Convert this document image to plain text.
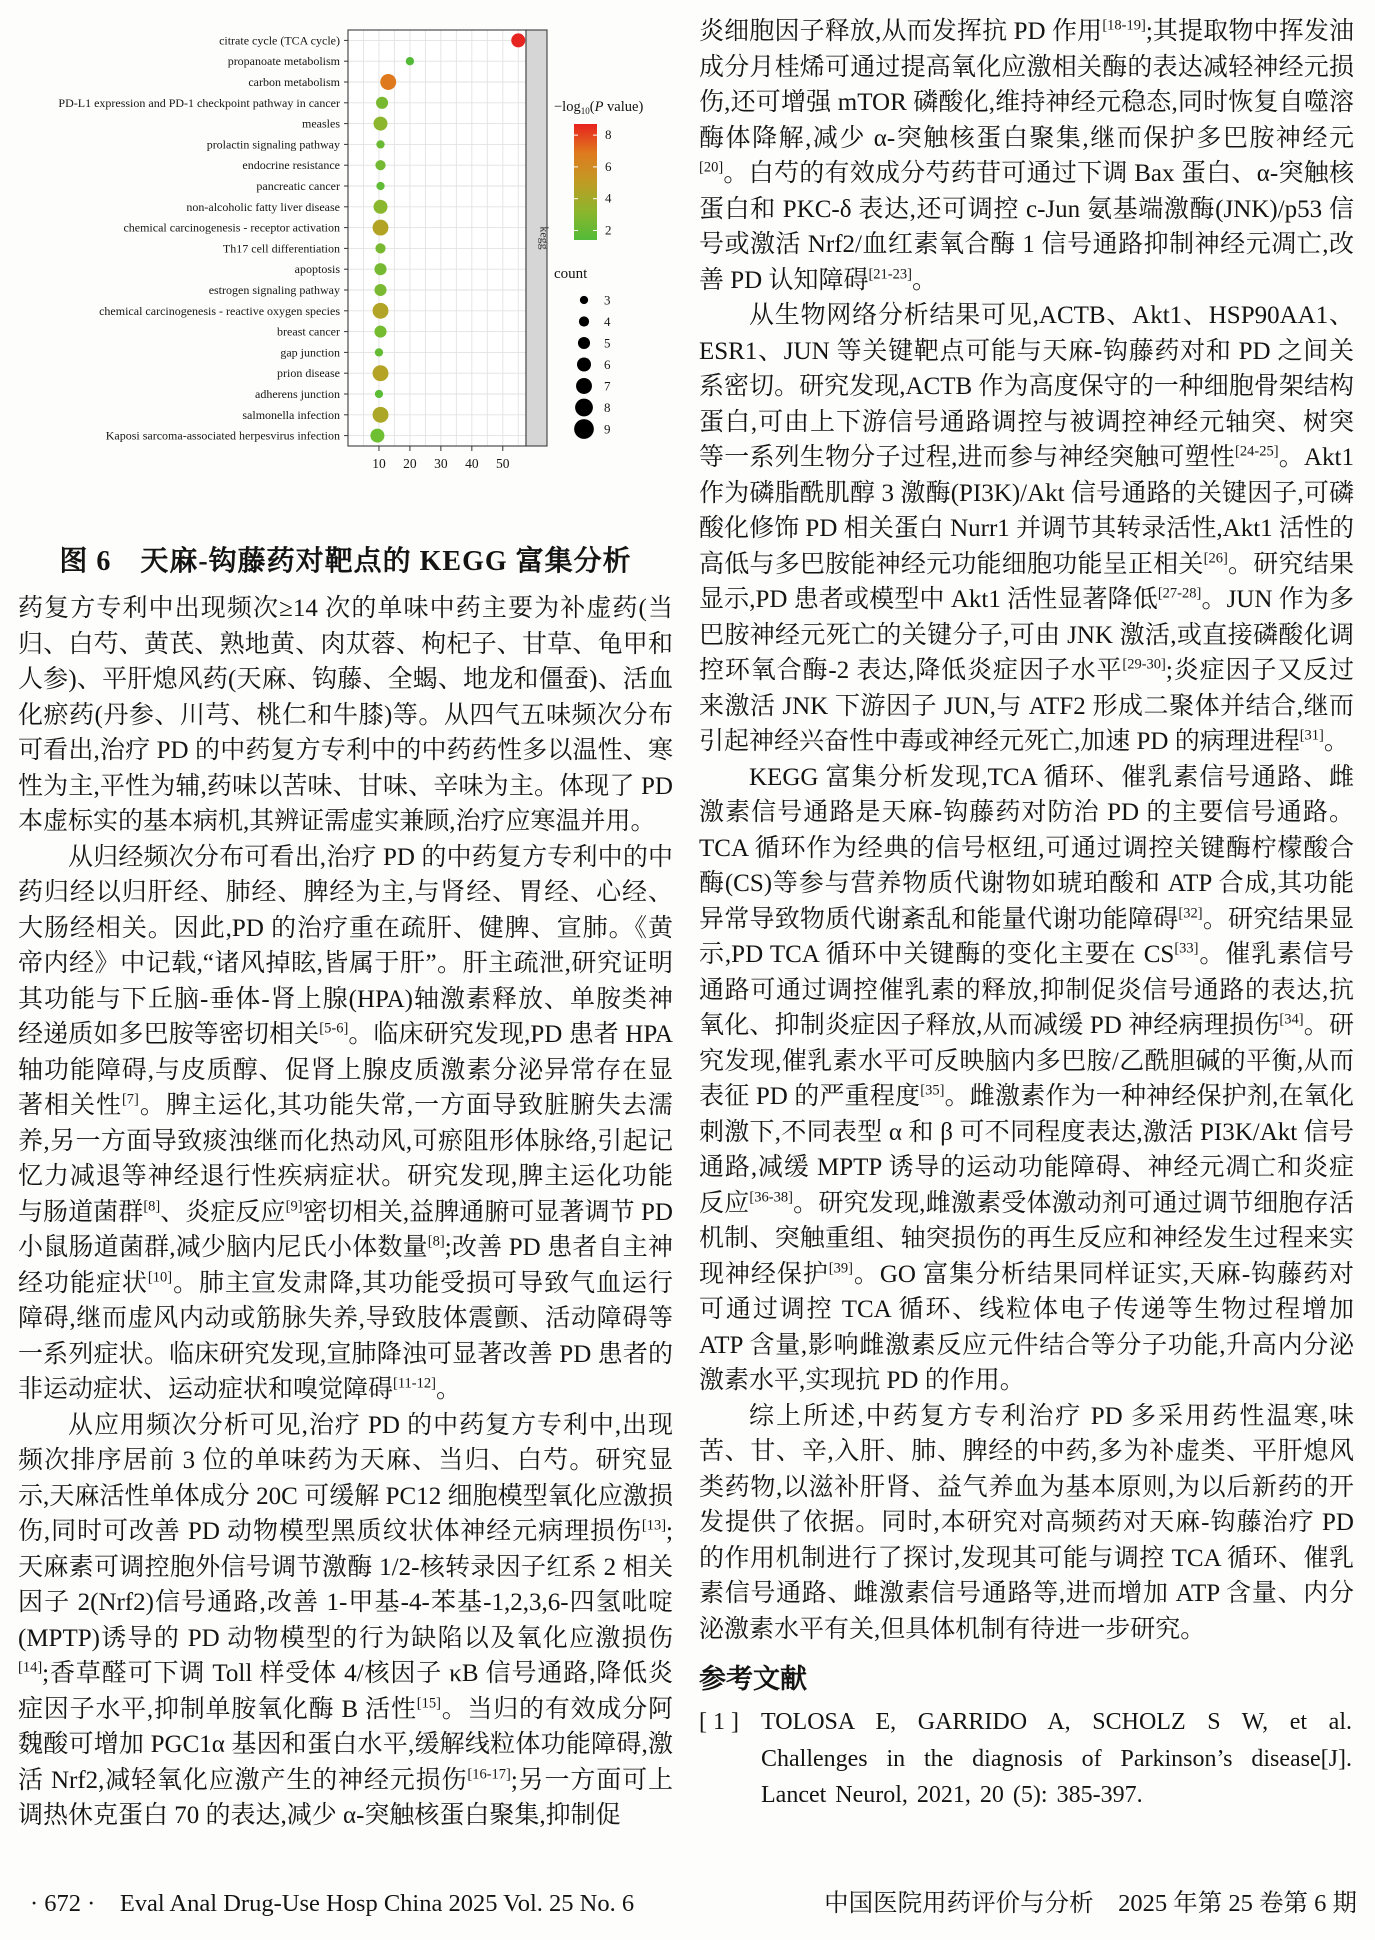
citrate cycle (TCA cycle)
propanoate metabolism
carbon metabolism
PD-L1 expression and PD-1 checkpoint pathway in cancer
measles
prolactin signaling pathway
endocrine resistance
pancreatic cancer
non-alcoholic fatty liver disease
chemical carcinogenesis - receptor activation
Th17 cell differentiation
apoptosis
estrogen signaling pathway
chemical carcinogenesis - reactive oxygen species
breast cancer
gap junction
prion disease
adherens junction
salmonella infection
Kaposi sarcoma-associated herpesvirus infection
10 20 30 40 50
kegg
$-\log_{10}(P$ value)
8
6
4
2
count
3
4
5
6
7
8
9
图 6　天麻-钩藤药对靶点的 KEGG 富集分析

药复方专利中出现频次≥14 次的单味中药主要为补虚药(当归、白芍、黄芪、熟地黄、肉苁蓉、枸杞子、甘草、龟甲和人参)、平肝熄风药(天麻、钩藤、全蝎、地龙和僵蚕)、活血化瘀药(丹参、川芎、桃仁和牛膝)等。从四气五味频次分布可看出,治疗 PD 的中药复方专利中的中药药性多以温性、寒性为主,平性为辅,药味以苦味、甘味、辛味为主。体现了 PD 本虚标实的基本病机,其辨证需虚实兼顾,治疗应寒温并用。

从归经频次分布可看出,治疗 PD 的中药复方专利中的中药归经以归肝经、肺经、脾经为主,与肾经、胃经、心经、大肠经相关。因此,PD 的治疗重在疏肝、健脾、宣肺。《黄帝内经》中记载,“诸风掉眩,皆属于肝”。肝主疏泄,研究证明其功能与下丘脑-垂体-肾上腺(HPA)轴激素释放、单胺类神经递质如多巴胺等密切相关[5-6]。临床研究发现,PD 患者 HPA 轴功能障碍,与皮质醇、促肾上腺皮质激素分泌异常存在显著相关性[7]。脾主运化,其功能失常,一方面导致脏腑失去濡养,另一方面导致痰浊继而化热动风,可瘀阻形体脉络,引起记忆力减退等神经退行性疾病症状。研究发现,脾主运化功能与肠道菌群[8]、炎症反应[9]密切相关,益脾通腑可显著调节 PD 小鼠肠道菌群,减少脑内尼氏小体数量[8];改善 PD 患者自主神经功能症状[10]。肺主宣发肃降,其功能受损可导致气血运行障碍,继而虚风内动或筋脉失养,导致肢体震颤、活动障碍等一系列症状。临床研究发现,宣肺降浊可显著改善 PD 患者的非运动症状、运动症状和嗅觉障碍[11-12]。

从应用频次分析可见,治疗 PD 的中药复方专利中,出现频次排序居前 3 位的单味药为天麻、当归、白芍。研究显示,天麻活性单体成分 20C 可缓解 PC12 细胞模型氧化应激损伤,同时可改善 PD 动物模型黑质纹状体神经元病理损伤[13];天麻素可调控胞外信号调节激酶 1/2-核转录因子红系 2 相关因子 2(Nrf2)信号通路,改善 1-甲基-4-苯基-1,2,3,6-四氢吡啶(MPTP)诱导的 PD 动物模型的行为缺陷以及氧化应激损伤[14];香草醛可下调 Toll 样受体 4/核因子 κB 信号通路,降低炎症因子水平,抑制单胺氧化酶 B 活性[15]。当归的有效成分阿魏酸可增加 PGC1α 基因和蛋白水平,缓解线粒体功能障碍,激活 Nrf2,减轻氧化应激产生的神经元损伤[16-17];另一方面可上调热休克蛋白 70 的表达,减少 α-突触核蛋白聚集,抑制促

炎细胞因子释放,从而发挥抗 PD 作用[18-19];其提取物中挥发油成分月桂烯可通过提高氧化应激相关酶的表达减轻神经元损伤,还可增强 mTOR 磷酸化,维持神经元稳态,同时恢复自噬溶酶体降解,减少 α-突触核蛋白聚集,继而保护多巴胺神经元[20]。白芍的有效成分芍药苷可通过下调 Bax 蛋白、α-突触核蛋白和 PKC-δ 表达,还可调控 c-Jun 氨基端激酶(JNK)/p53 信号或激活 Nrf2/血红素氧合酶 1 信号通路抑制神经元凋亡,改善 PD 认知障碍[21-23]。

从生物网络分析结果可见,ACTB、Akt1、HSP90AA1、ESR1、JUN 等关键靶点可能与天麻-钩藤药对和 PD 之间关系密切。研究发现,ACTB 作为高度保守的一种细胞骨架结构蛋白,可由上下游信号通路调控与被调控神经元轴突、树突等一系列生物分子过程,进而参与神经突触可塑性[24-25]。Akt1 作为磷脂酰肌醇 3 激酶(PI3K)/Akt 信号通路的关键因子,可磷酸化修饰 PD 相关蛋白 Nurr1 并调节其转录活性,Akt1 活性的高低与多巴胺能神经元功能细胞功能呈正相关[26]。研究结果显示,PD 患者或模型中 Akt1 活性显著降低[27-28]。JUN 作为多巴胺神经元死亡的关键分子,可由 JNK 激活,或直接磷酸化调控环氧合酶-2 表达,降低炎症因子水平[29-30];炎症因子又反过来激活 JNK 下游因子 JUN,与 ATF2 形成二聚体并结合,继而引起神经兴奋性中毒或神经元死亡,加速 PD 的病理进程[31]。

KEGG 富集分析发现,TCA 循环、催乳素信号通路、雌激素信号通路是天麻-钩藤药对防治 PD 的主要信号通路。TCA 循环作为经典的信号枢纽,可通过调控关键酶柠檬酸合酶(CS)等参与营养物质代谢物如琥珀酸和 ATP 合成,其功能异常导致物质代谢紊乱和能量代谢功能障碍[32]。研究结果显示,PD TCA 循环中关键酶的变化主要在 CS[33]。催乳素信号通路可通过调控催乳素的释放,抑制促炎信号通路的表达,抗氧化、抑制炎症因子释放,从而减缓 PD 神经病理损伤[34]。研究发现,催乳素水平可反映脑内多巴胺/乙酰胆碱的平衡,从而表征 PD 的严重程度[35]。雌激素作为一种神经保护剂,在氧化刺激下,不同表型 α 和 β 可不同程度表达,激活 PI3K/Akt 信号通路,减缓 MPTP 诱导的运动功能障碍、神经元凋亡和炎症反应[36-38]。研究发现,雌激素受体激动剂可通过调节细胞存活机制、突触重组、轴突损伤的再生反应和神经发生过程来实现神经保护[39]。GO 富集分析结果同样证实,天麻-钩藤药对可通过调控 TCA 循环、线粒体电子传递等生物过程增加 ATP 含量,影响雌激素反应元件结合等分子功能,升高内分泌激素水平,实现抗 PD 的作用。

综上所述,中药复方专利治疗 PD 多采用药性温寒,味苦、甘、辛,入肝、肺、脾经的中药,多为补虚类、平肝熄风类药物,以滋补肝肾、益气养血为基本原则,为以后新药的开发提供了依据。同时,本研究对高频药对天麻-钩藤治疗 PD 的作用机制进行了探讨,发现其可能与调控 TCA 循环、催乳素信号通路、雌激素信号通路等,进而增加 ATP 含量、内分泌激素水平有关,但具体机制有待进一步研究。

参考文献
[ 1 ] TOLOSA E, GARRIDO A, SCHOLZ S W, et al. Challenges in the diagnosis of Parkinson’s disease[J]. Lancet Neurol, 2021, 20 (5): 385-397.
· 672 ·　Eval Anal Drug-Use Hosp China 2025 Vol. 25 No. 6	中国医院用药评价与分析　2025 年第 25 卷第 6 期
